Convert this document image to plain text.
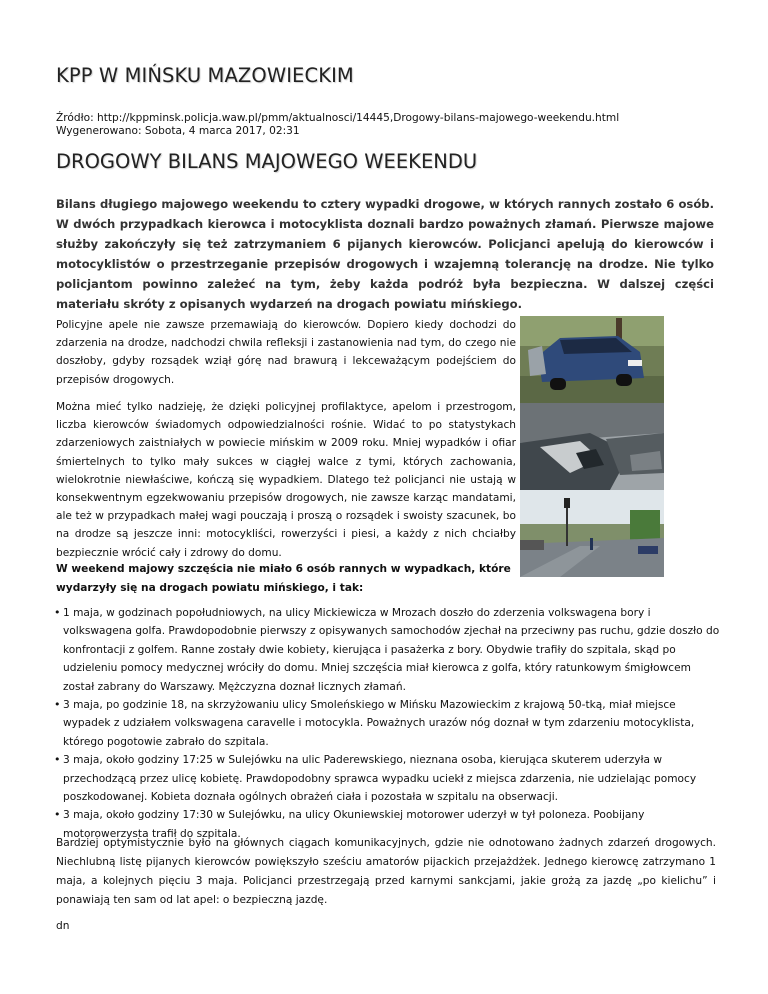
KPP W MIŃSKU MAZOWIECKIM
Źródło: http://kppminsk.policja.waw.pl/pmm/aktualnosci/14445,Drogowy-bilans-majowego-weekendu.html
Wygenerowano: Sobota, 4 marca 2017, 02:31
DROGOWY BILANS MAJOWEGO WEEKENDU

Bilans długiego majowego weekendu to cztery wypadki drogowe, w których rannych zostało 6 osób. W dwóch przypadkach kierowca i motocyklista doznali bardzo poważnych złamań. Pierwsze majowe służby zakończyły się też zatrzymaniem 6 pijanych kierowców. Policjanci apelują do kierowców i motocyklistów o przestrzeganie przepisów drogowych i wzajemną tolerancję na drodze. Nie tylko policjantom powinno zależeć na tym, żeby każda podróż była bezpieczna. W dalszej części materiału skróty z opisanych wydarzeń na drogach powiatu mińskiego.

Policyjne apele nie zawsze przemawiają do kierowców. Dopiero kiedy dochodzi do zdarzenia na drodze, nadchodzi chwila refleksji i zastanowienia nad tym, do czego nie doszłoby, gdyby rozsądek wziął górę nad brawurą i lekceważącym podejściem do przepisów drogowych.

Można mieć tylko nadzieję, że dzięki policyjnej profilaktyce, apelom i przestrogom, liczba kierowców świadomych odpowiedzialności rośnie. Widać to po statystykach zdarzeniowych zaistniałych w powiecie mińskim w 2009 roku. Mniej wypadków i ofiar śmiertelnych to tylko mały sukces w ciągłej walce z tymi, których zachowania, wielokrotnie niewłaściwe, kończą się wypadkiem. Dlatego też policjanci nie ustają w konsekwentnym egzekwowaniu przepisów drogowych, nie zawsze karząc mandatami, ale też w przypadkach małej wagi pouczają i proszą o rozsądek i swoisty szacunek, bo na drodze są jeszcze inni: motocykliści, rowerzyści i piesi, a każdy z nich chciałby bezpiecznie wrócić cały i zdrowy do domu.

W weekend majowy szczęścia nie miało 6 osób rannych w wypadkach, które wydarzyły się na drogach powiatu mińskiego, i tak:

• 1 maja, w godzinach popołudniowych, na ulicy Mickiewicza w Mrozach doszło do zderzenia volkswagena bory i volkswagena golfa. Prawdopodobnie pierwszy z opisywanych samochodów zjechał na przeciwny pas ruchu, gdzie doszło do konfrontacji z golfem. Ranne zostały dwie kobiety, kierująca i pasażerka z bory. Obydwie trafiły do szpitala, skąd po udzieleniu pomocy medycznej wróciły do domu. Mniej szczęścia miał kierowca z golfa, który ratunkowym śmigłowcem został zabrany do Warszawy. Mężczyzna doznał licznych złamań.
• 3 maja, po godzinie 18, na skrzyżowaniu ulicy Smoleńskiego w Mińsku Mazowieckim z krajową 50-tką, miał miejsce wypadek z udziałem volkswagena caravelle i motocykla. Poważnych urazów nóg doznał w tym zdarzeniu motocyklista, którego pogotowie zabrało do szpitala.
• 3 maja, około godziny 17:25 w Sulejówku na ulic Paderewskiego, nieznana osoba, kierująca skuterem uderzyła w przechodzącą przez ulicę kobietę. Prawdopodobny sprawca wypadku uciekł z miejsca zdarzenia, nie udzielając pomocy poszkodowanej. Kobieta doznała ogólnych obrażeń ciała i pozostała w szpitalu na obserwacji.
• 3 maja, około godziny 17:30 w Sulejówku, na ulicy Okuniewskiej motorower uderzył w tył poloneza. Poobijany motorowerzysta trafił do szpitala.

Bardziej optymistycznie było na głównych ciągach komunikacyjnych, gdzie nie odnotowano żadnych zdarzeń drogowych. Niechlubną listę pijanych kierowców powiększyło sześciu amatorów pijackich przejażdżek. Jednego kierowcę zatrzymano 1 maja, a kolejnych pięciu 3 maja. Policjanci przestrzegają przed karnymi sankcjami, jakie grożą za jazdę „po kielichu” i ponawiają ten sam od lat apel: o bezpieczną jazdę.

dn
